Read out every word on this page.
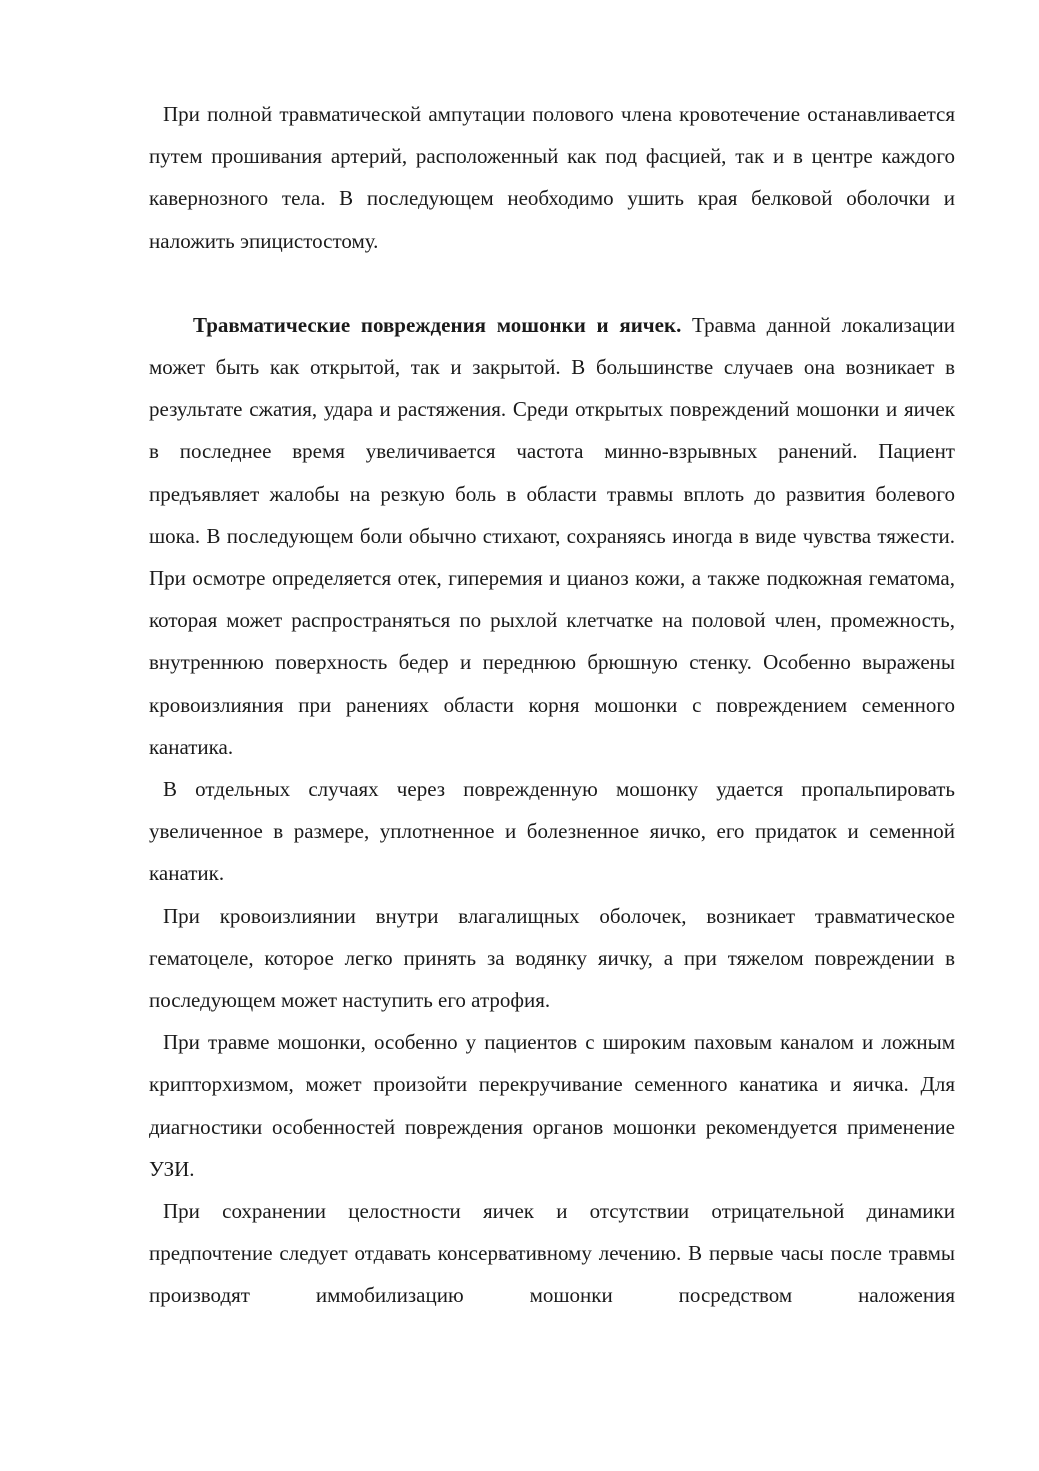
При полной травматической ампутации полового члена кровотечение останавливается путем прошивания артерий, расположенный как под фасцией, так и в центре каждого кавернозного тела. В последующем необходимо ушить края белковой оболочки и наложить эпицистостому.

Травматические повреждения мошонки и яичек. Травма данной локализации может быть как открытой, так и закрытой. В большинстве случаев она возникает в результате сжатия, удара и растяжения. Среди открытых повреждений мошонки и яичек в последнее время увеличивается частота минно-взрывных ранений. Пациент предъявляет жалобы на резкую боль в области травмы вплоть до развития болевого шока. В последующем боли обычно стихают, сохраняясь иногда в виде чувства тяжести. При осмотре определяется отек, гиперемия и цианоз кожи, а также подкожная гематома, которая может распространяться по рыхлой клетчатке на половой член, промежность, внутреннюю поверхность бедер и переднюю брюшную стенку. Особенно выражены кровоизлияния при ранениях области корня мошонки с повреждением семенного канатика.

В отдельных случаях через поврежденную мошонку удается пропальпировать увеличенное в размере, уплотненное и болезненное яичко, его придаток и семенной канатик.

При кровоизлиянии внутри влагалищных оболочек, возникает травматическое гематоцеле, которое легко принять за водянку яичку, а при тяжелом повреждении в последующем может наступить его атрофия.

При травме мошонки, особенно у пациентов с широким паховым каналом и ложным крипторхизмом, может произойти перекручивание семенного канатика и яичка. Для диагностики особенностей повреждения органов мошонки рекомендуется применение УЗИ.

При сохранении целостности яичек и отсутствии отрицательной динамики предпочтение следует отдавать консервативному лечению. В первые часы после травмы производят иммобилизацию мошонки посредством наложения
